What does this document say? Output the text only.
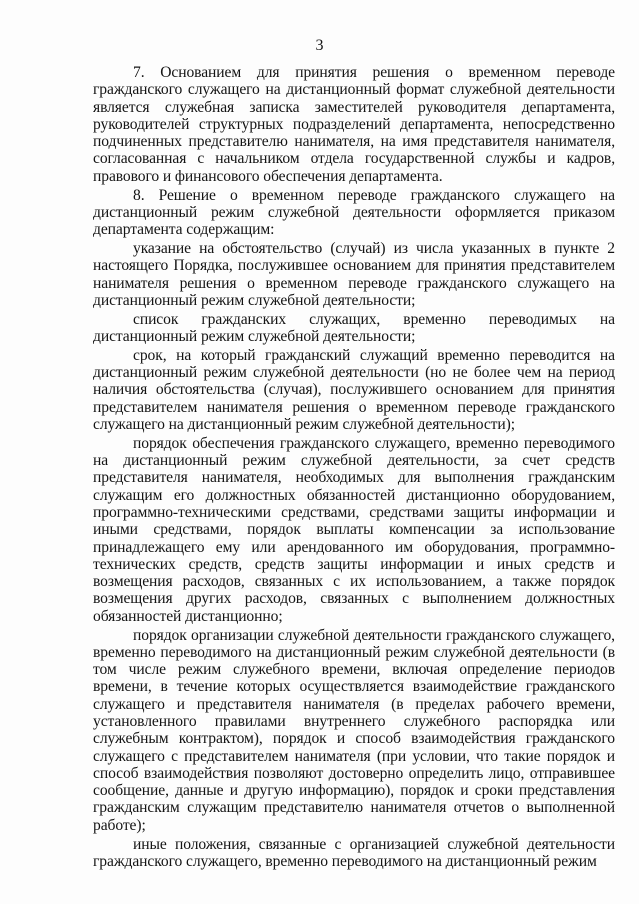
3

7. Основанием для принятия решения о временном переводе гражданского служащего на дистанционный формат служебной деятельности является служебная записка заместителей руководителя департамента, руководителей структурных подразделений департамента, непосредственно подчиненных представителю нанимателя, на имя представителя нанимателя, согласованная с начальником отдела государственной службы и кадров, правового и финансового обеспечения департамента.

8. Решение о временном переводе гражданского служащего на дистанционный режим служебной деятельности оформляется приказом департамента содержащим:

указание на обстоятельство (случай) из числа указанных в пункте 2 настоящего Порядка, послужившее основанием для принятия представителем нанимателя решения о временном переводе гражданского служащего на дистанционный режим служебной деятельности;

список гражданских служащих, временно переводимых на дистанционный режим служебной деятельности;

срок, на который гражданский служащий временно переводится на дистанционный режим служебной деятельности (но не более чем на период наличия обстоятельства (случая), послужившего основанием для принятия представителем нанимателя решения о временном переводе гражданского служащего на дистанционный режим служебной деятельности);

порядок обеспечения гражданского служащего, временно переводимого на дистанционный режим служебной деятельности, за счет средств представителя нанимателя, необходимых для выполнения гражданским служащим его должностных обязанностей дистанционно оборудованием, программно-техническими средствами, средствами защиты информации и иными средствами, порядок выплаты компенсации за использование принадлежащего ему или арендованного им оборудования, программно-технических средств, средств защиты информации и иных средств и возмещения расходов, связанных с их использованием, а также порядок возмещения других расходов, связанных с выполнением должностных обязанностей дистанционно;

порядок организации служебной деятельности гражданского служащего, временно переводимого на дистанционный режим служебной деятельности (в том числе режим служебного времени, включая определение периодов времени, в течение которых осуществляется взаимодействие гражданского служащего и представителя нанимателя (в пределах рабочего времени, установленного правилами внутреннего служебного распорядка или служебным контрактом), порядок и способ взаимодействия гражданского служащего с представителем нанимателя (при условии, что такие порядок и способ взаимодействия позволяют достоверно определить лицо, отправившее сообщение, данные и другую информацию), порядок и сроки представления гражданским служащим представителю нанимателя отчетов о выполненной работе);

иные положения, связанные с организацией служебной деятельности гражданского служащего, временно переводимого на дистанционный режим
